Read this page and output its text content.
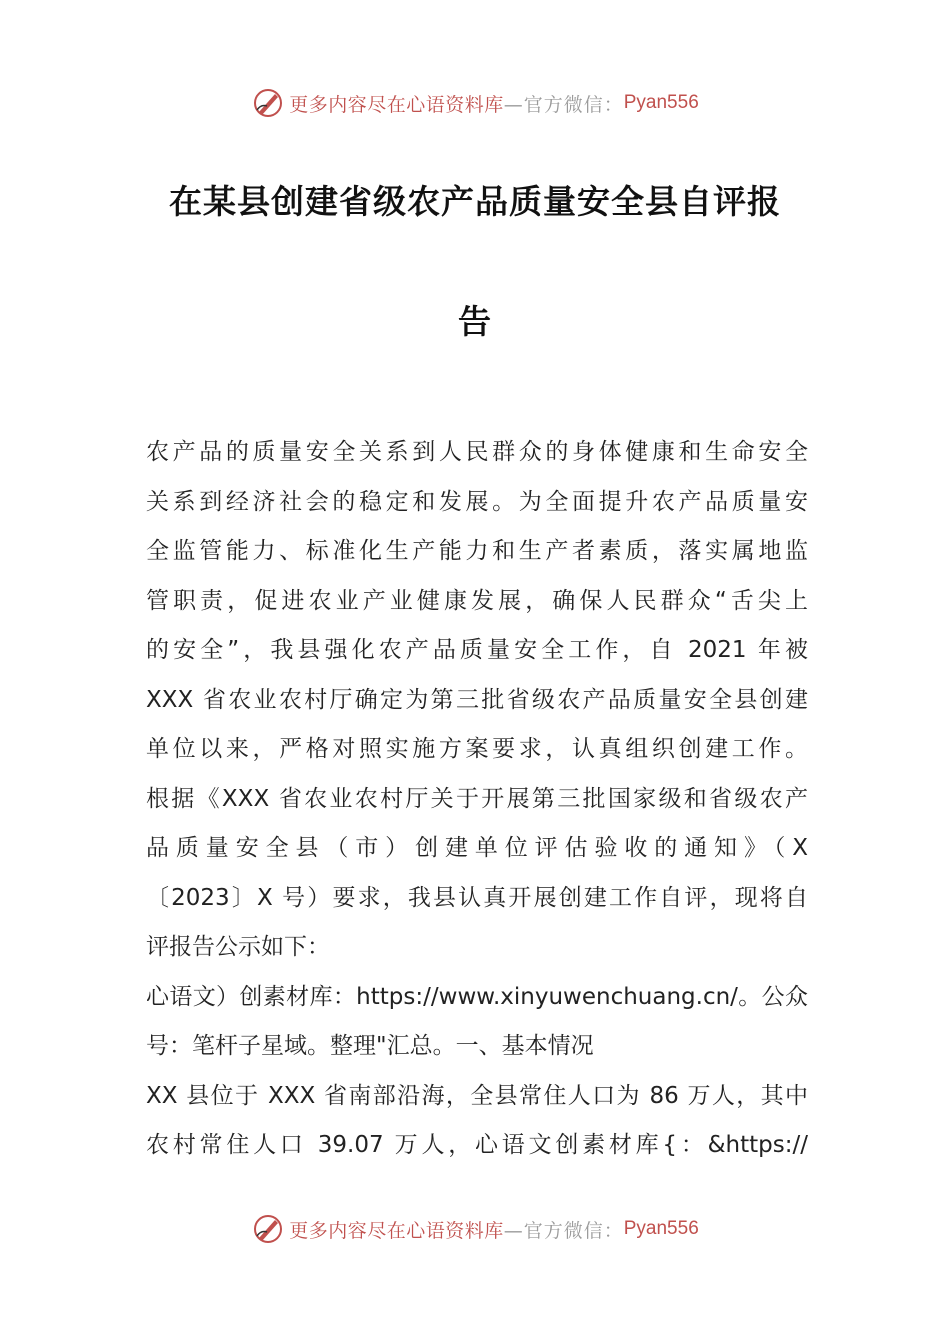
更多内容尽在心语资料库 —官方微信： Pyan556
在某县创建省级农产品质量安全县自评报
告
农产品的质量安全关系到人民群众的身体健康和生命安全
关系到经济社会的稳定和发展。为全面提升农产品质量安
全监管能力、标准化生产能力和生产者素质，落实属地监
管职责，促进农业产业健康发展，确保人民群众“舌尖上
的安全”，我县强化农产品质量安全工作，自 2021 年被
XXX 省农业农村厅确定为第三批省级农产品质量安全县创建
单位以来，严格对照实施方案要求，认真组织创建工作。
根据《XXX 省农业农村厅关于开展第三批国家级和省级农产
品质量安全县（市）创建单位评估验收的通知》（X
〔2023〕X 号）要求，我县认真开展创建工作自评，现将自
评报告公示如下：
心语文）创素材库：https://www.xinyuwenchuang.cn/。公众
号：笔杆子星域。整理"汇总。一、基本情况
XX 县位于 XXX 省南部沿海，全县常住人口为 86 万人，其中
农村常住人口 39.07 万人，心语文创素材库{：&https://
更多内容尽在心语资料库 —官方微信： Pyan556
